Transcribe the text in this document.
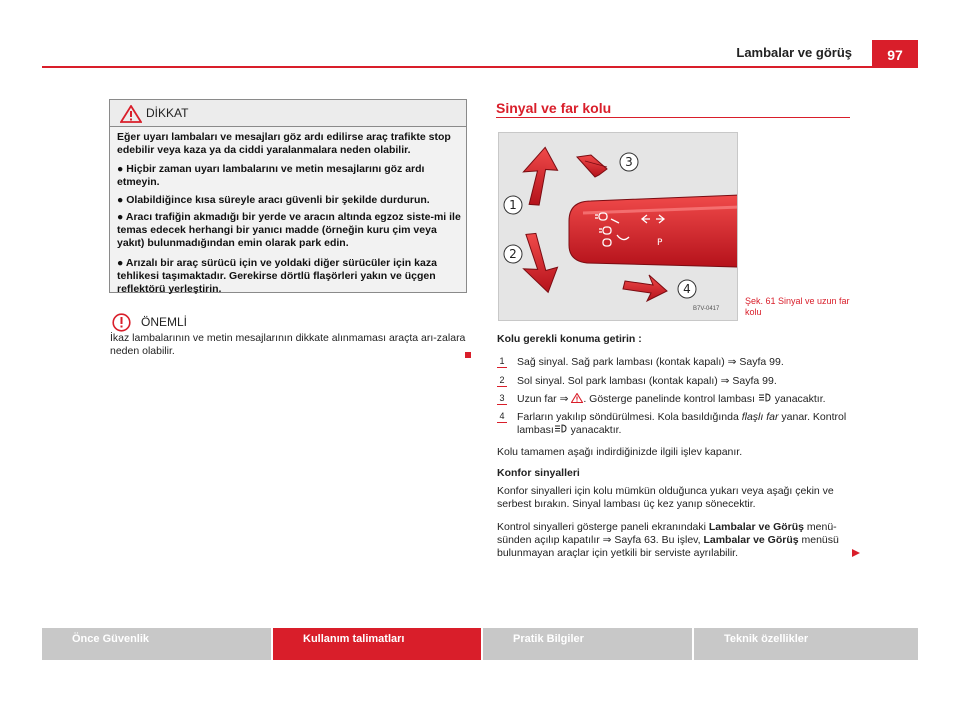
Lambalar ve görüş	97
DİKKAT
Eğer uyarı lambaları ve mesajları göz ardı edilirse araç trafikte stop edebilir veya kaza ya da ciddi yaralanmalara neden olabilir.
● Hiçbir zaman uyarı lambalarını ve metin mesajlarını göz ardı etmeyin.
● Olabildiğince kısa süreyle aracı güvenli bir şekilde durdurun.
● Aracı trafiğin akmadığı bir yerde ve aracın altında egzoz siste-mi ile temas edecek herhangi bir yanıcı madde (örneğin kuru çim veya yakıt) bulunmadığından emin olarak park edin.
● Arızalı bir araç sürücü için ve yoldaki diğer sürücüler için kaza tehlikesi taşımaktadır. Gerekirse dörtlü flaşörleri yakın ve üçgen reflektörü yerleştirin.
ÖNEMLİ
İkaz lambalarının ve metin mesajlarının dikkate alınmaması araçta arı-zalara neden olabilir.
Sinyal ve far kolu
P
1
2
3
4
B7V-0417
Şek. 61 Sinyal ve uzun far kolu
Kolu gerekli konuma getirin :
1 Sağ sinyal. Sağ park lambası (kontak kapalı) ⇒ Sayfa 99.
2 Sol sinyal. Sol park lambası (kontak kapalı) ⇒ Sayfa 99.
3 Uzun far ⇒ . Gösterge panelinde kontrol lambası  yanacaktır.
4 Farların yakılıp söndürülmesi. Kola basıldığında flaşlı far yanar. Kontrol lambası yanacaktır.
Kolu tamamen aşağı indirdiğinizde ilgili işlev kapanır.
Konfor sinyalleri
Konfor sinyalleri için kolu mümkün olduğunca yukarı veya aşağı çekin ve serbest bırakın. Sinyal lambası üç kez yanıp sönecektir.
Kontrol sinyalleri gösterge paneli ekranındaki Lambalar ve Görüş menü-sünden açılıp kapatılır ⇒ Sayfa 63. Bu işlev, Lambalar ve Görüş menüsü bulunmayan araçlar için yetkili bir serviste ayrılabilir.
Önce Güvenlik	Kullanım talimatları	Pratik Bilgiler	Teknik özellikler
